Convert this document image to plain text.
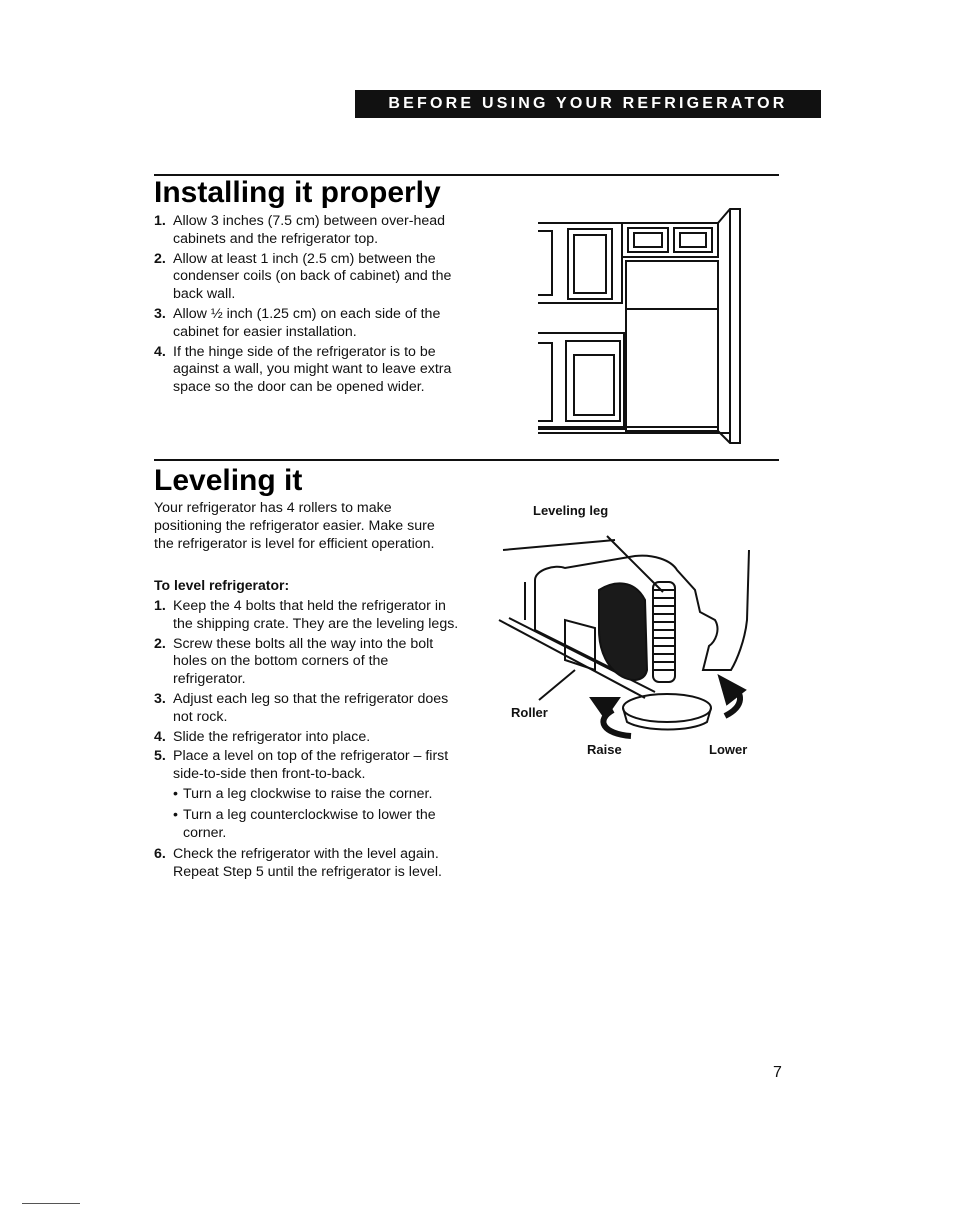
BEFORE USING YOUR REFRIGERATOR
Installing it properly
1. Allow 3 inches (7.5 cm) between over-head cabinets and the refrigerator top.
2. Allow at least 1 inch (2.5 cm) between the condenser coils (on back of cabinet) and the back wall.
3. Allow ½ inch (1.25 cm) on each side of the cabinet for easier installation.
4. If the hinge side of the refrigerator is to be against a wall, you might want to leave extra space so the door can be opened wider.
Leveling it

Your refrigerator has 4 rollers to make positioning the refrigerator easier. Make sure the refrigerator is level for efficient operation.

To level refrigerator:

1. Keep the 4 bolts that held the refrigerator in the shipping crate. They are the leveling legs.
2. Screw these bolts all the way into the bolt holes on the bottom corners of the refrigerator.
3. Adjust each leg so that the refrigerator does not rock.
4. Slide the refrigerator into place.
5. Place a level on top of the refrigerator – first side-to-side then front-to-back.
• Turn a leg clockwise to raise the corner.
• Turn a leg counterclockwise to lower the corner.
6. Check the refrigerator with the level again. Repeat Step 5 until the refrigerator is level.
Leveling leg
Roller
Raise	Lower
7
